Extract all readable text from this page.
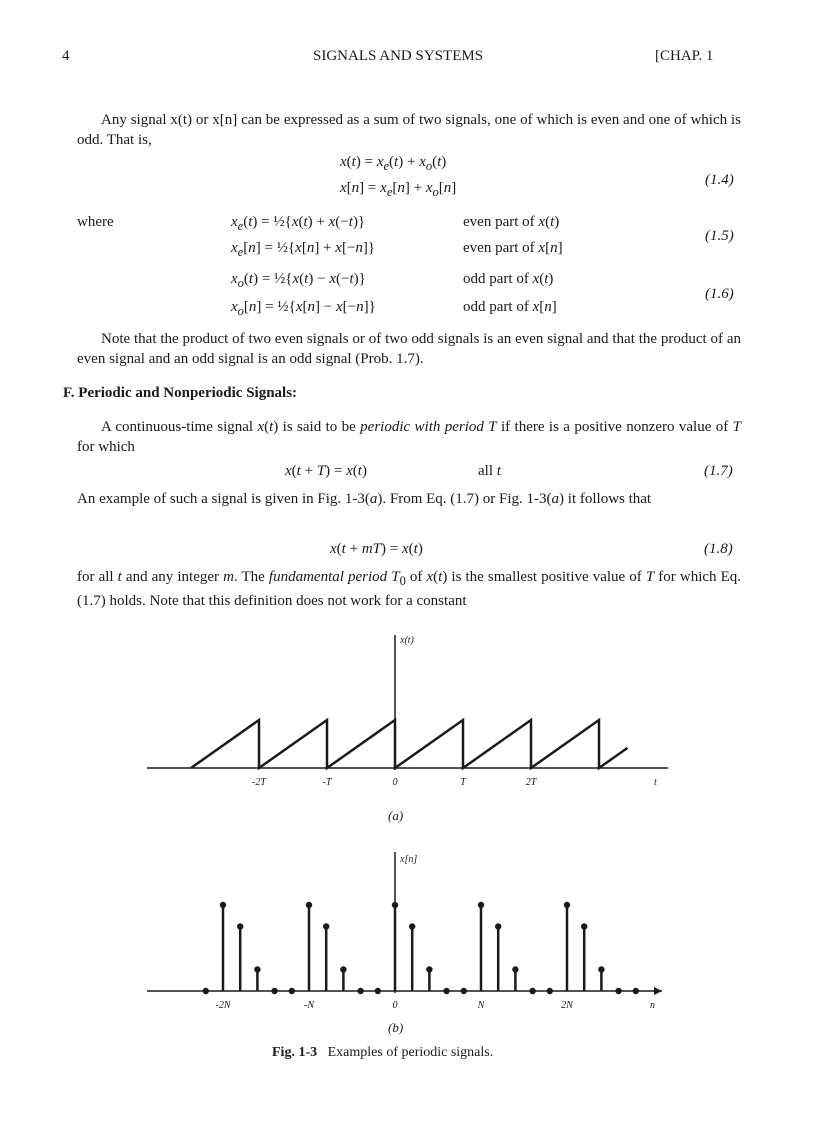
4	SIGNALS AND SYSTEMS	[CHAP. 1
Any signal x(t) or x[n] can be expressed as a sum of two signals, one of which is even and one of which is odd. That is,
$x(t) = x_e(t) + x_o(t)$
$x[n] = x_e[n] + x_o[n]$	(1.4)
where	$x_e(t)$ = ½{x(t) + x(−t)}	even part of x(t)
$x_e[n]$ = ½{x[n] + x[−n]}	even part of x[n]
(1.5)
$x_o(t)$ = ½{x(t) − x(−t)}	odd part of x(t)
$x_o[n]$ = ½{x[n] − x[−n]}	odd part of x[n]
(1.6)
Note that the product of two even signals or of two odd signals is an even signal and that the product of an even signal and an odd signal is an odd signal (Prob. 1.7).
F. Periodic and Nonperiodic Signals:
A continuous-time signal x(t) is said to be periodic with period T if there is a positive nonzero value of T for which
x(t + T) = x(t)	all t	(1.7)
An example of such a signal is given in Fig. 1-3(a). From Eq. (1.7) or Fig. 1-3(a) it follows that
x(t + mT) = x(t)	(1.8)
for all t and any integer m. The fundamental period $T_0$ of x(t) is the smallest positive value of T for which Eq. (1.7) holds. Note that this definition does not work for a constant
-2T	-T	0	T	2T
x(t)
t
-2N	-N	0	N	2N
x[n]
n
(a)
(b)
Fig. 1-3 Examples of periodic signals.
